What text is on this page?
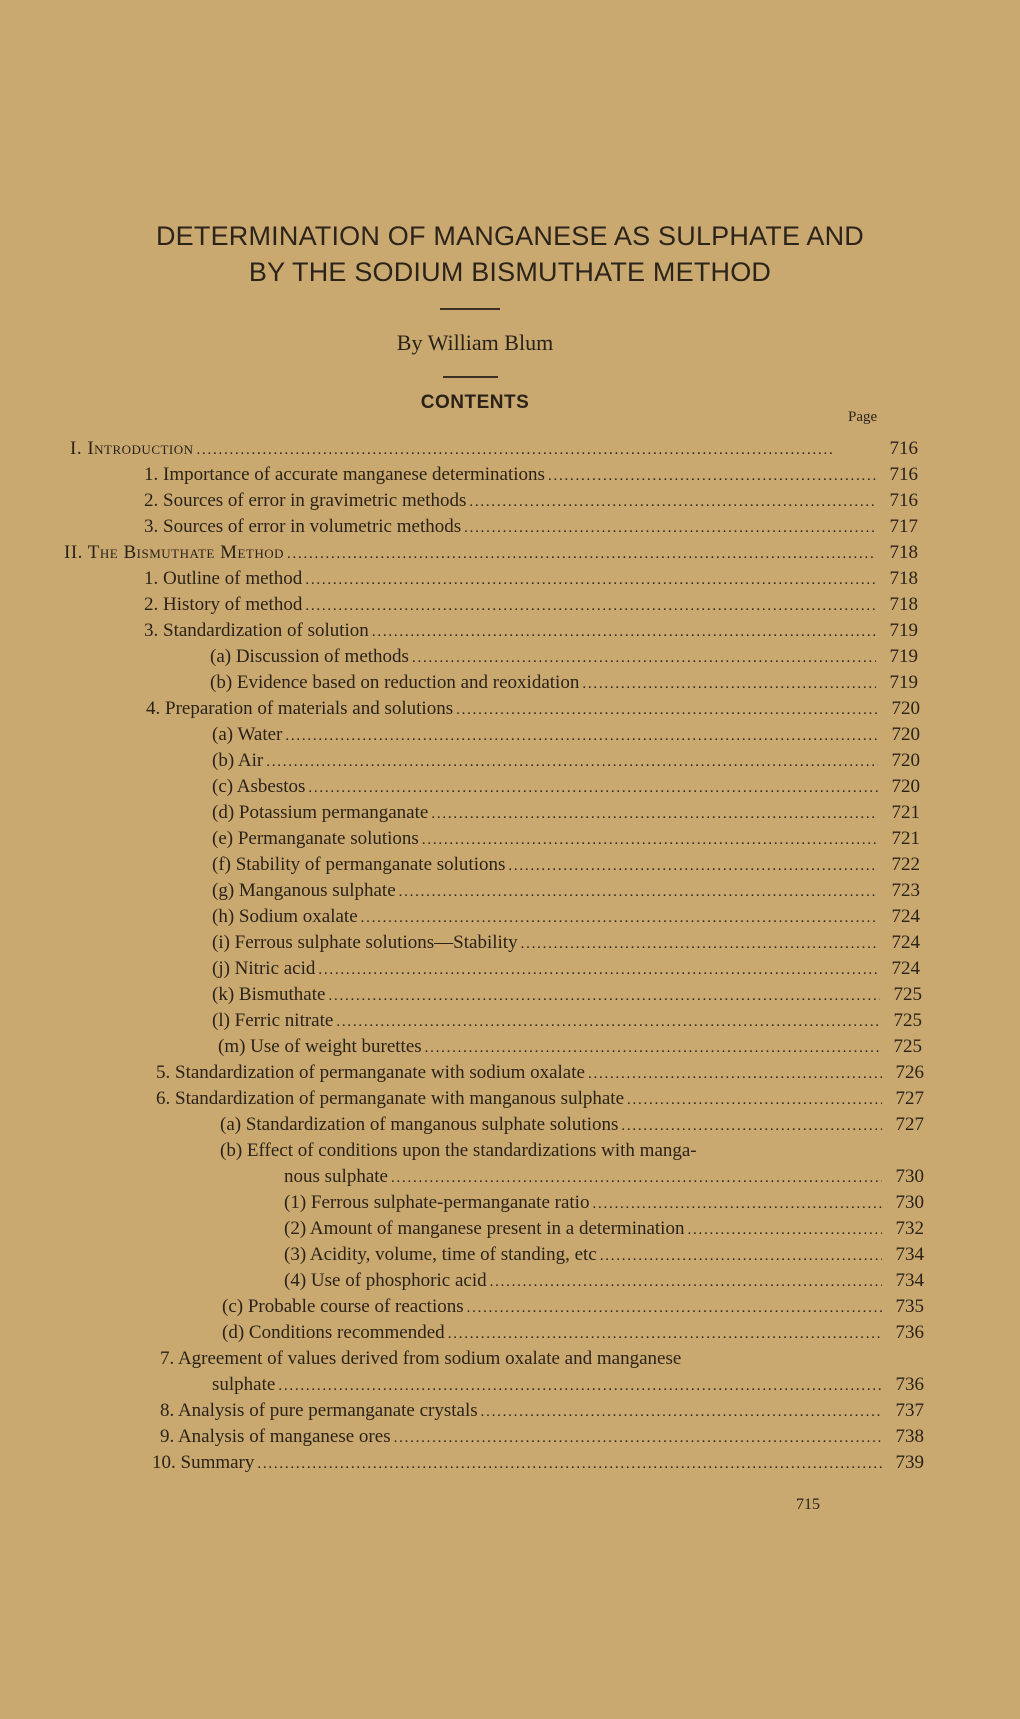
DETERMINATION OF MANGANESE AS SULPHATE AND
BY THE SODIUM BISMUTHATE METHOD
By William Blum
CONTENTS
Page
I. Introduction . . .	716
1. Importance of accurate manganese determinations . . .	716
2. Sources of error in gravimetric methods . . .	716
3. Sources of error in volumetric methods . . .	717
II. The Bismuthate Method . . .	718
1. Outline of method . . .	718
2. History of method . . .	718
3. Standardization of solution . . .	719
(a) Discussion of methods . . .	719
(b) Evidence based on reduction and reoxidation . . .	719
4. Preparation of materials and solutions . . .	720
(a) Water . . .	720
(b) Air . . .	720
(c) Asbestos . . .	720
(d) Potassium permanganate . . .	721
(e) Permanganate solutions . . .	721
(f) Stability of permanganate solutions . . .	722
(g) Manganous sulphate . . .	723
(h) Sodium oxalate . . .	724
(i) Ferrous sulphate solutions—Stability . . .	724
(j) Nitric acid . . .	724
(k) Bismuthate . . .	725
(l) Ferric nitrate . . .	725
(m) Use of weight burettes . . .	725
5. Standardization of permanganate with sodium oxalate . . .	726
6. Standardization of permanganate with manganous sulphate . . .	727
(a) Standardization of manganous sulphate solutions . . .	727
(b) Effect of conditions upon the standardizations with manga-
nous sulphate . . .	730
(1) Ferrous sulphate-permanganate ratio . . .	730
(2) Amount of manganese present in a determination . . .	732
(3) Acidity, volume, time of standing, etc . . .	734
(4) Use of phosphoric acid . . .	734
(c) Probable course of reactions . . .	735
(d) Conditions recommended . . .	736
7. Agreement of values derived from sodium oxalate and manganese
sulphate . . .	736
8. Analysis of pure permanganate crystals . . .	737
9. Analysis of manganese ores . . .	738
10. Summary . . .	739
715
